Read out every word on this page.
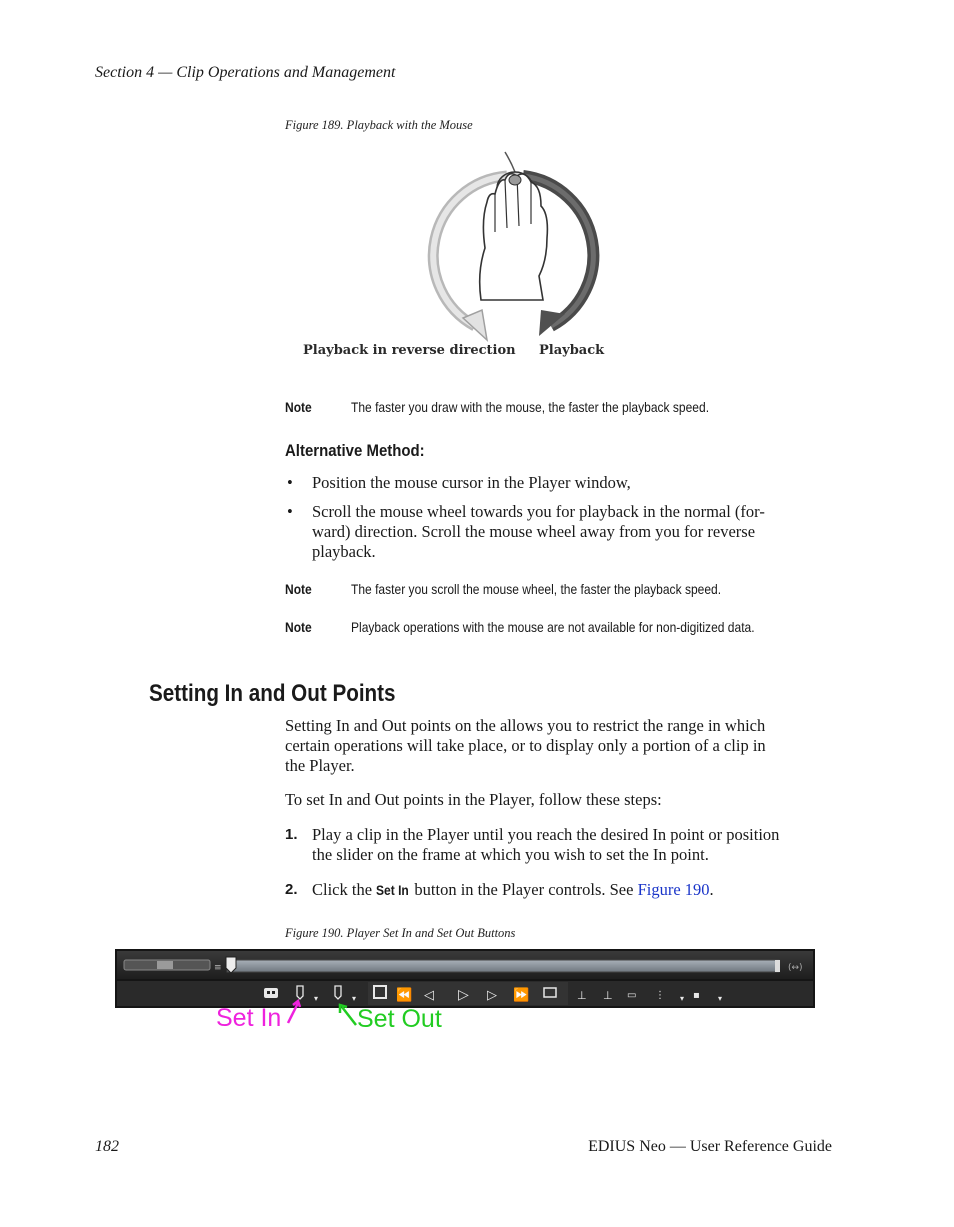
Section 4 — Clip Operations and Management
Figure 189. Playback with the Mouse
Playback in reverse direction Playback
Note	The faster you draw with the mouse, the faster the playback speed.
Alternative Method:
• Position the mouse cursor in the Player window,
• Scroll the mouse wheel towards you for playback in the normal (for-
ward) direction. Scroll the mouse wheel away from you for reverse
playback.
Note	The faster you scroll the mouse wheel, the faster the playback speed.
Note	Playback operations with the mouse are not available for non-digitized data.
Setting In and Out Points
Setting In and Out points on the allows you to restrict the range in which
certain operations will take place, or to display only a portion of a clip in
the Player.
To set In and Out points in the Player, follow these steps:
1. Play a clip in the Player until you reach the desired In point or position
the slider on the frame at which you wish to set the In point.
2. Click the Set In button in the Player controls. See Figure 190.
Figure 190. Player Set In and Set Out Buttons
≡	(↔)
▾	▾	⏪ ◁ ▷ ▷ ⏩	⊥ ⊥ ▭ ⋮ ▾ ▪ ▾
Set In	Set Out
182	EDIUS Neo — User Reference Guide
